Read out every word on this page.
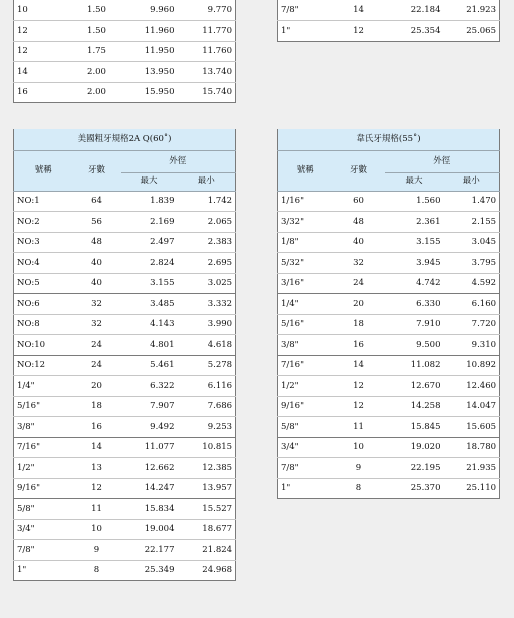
10	1.50	9.960	9.770
12	1.50	11.960	11.770
12	1.75	11.950	11.760
14	2.00	13.950	13.740
16	2.00	15.950	15.740
7/8"	14	22.184	21.923
1"	12	25.354	25.065
美國粗牙規格2A Q(60˚)			
號稱	牙數	外徑	
		最大	最小
NO:1	64	1.839	1.742
NO:2	56	2.169	2.065
NO:3	48	2.497	2.383
NO:4	40	2.824	2.695
NO:5	40	3.155	3.025
NO:6	32	3.485	3.332
NO:8	32	4.143	3.990
NO:10	24	4.801	4.618
NO:12	24	5.461	5.278
1/4"	20	6.322	6.116
5/16"	18	7.907	7.686
3/8"	16	9.492	9.253
7/16"	14	11.077	10.815
1/2"	13	12.662	12.385
9/16"	12	14.247	13.957
5/8"	11	15.834	15.527
3/4"	10	19.004	18.677
7/8"	9	22.177	21.824
1"	8	25.349	24.968
韋氏牙規格(55˚)			
號稱	牙數	外徑	
		最大	最小
1/16"	60	1.560	1.470
3/32"	48	2.361	2.155
1/8"	40	3.155	3.045
5/32"	32	3.945	3.795
3/16"	24	4.742	4.592
1/4"	20	6.330	6.160
5/16"	18	7.910	7.720
3/8"	16	9.500	9.310
7/16"	14	11.082	10.892
1/2"	12	12.670	12.460
9/16"	12	14.258	14.047
5/8"	11	15.845	15.605
3/4"	10	19.020	18.780
7/8"	9	22.195	21.935
1"	8	25.370	25.110
